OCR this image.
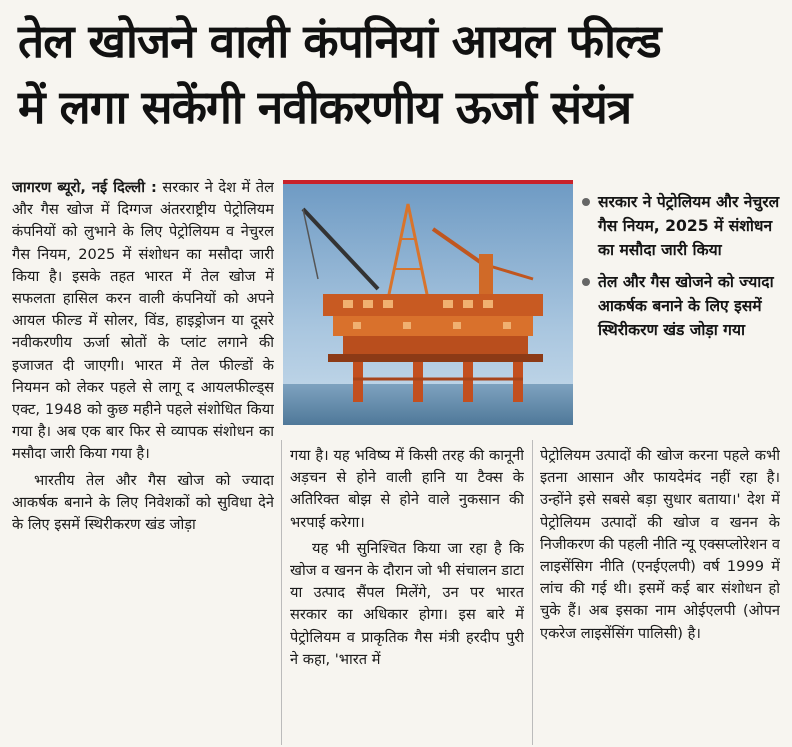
तेल खोजने वाली कंपनियां आयल फील्ड
में लगा सकेंगी नवीकरणीय ऊर्जा संयंत्र

जागरण ब्यूरो, नई दिल्ली : सरकार ने देश में तेल और गैस खोज में दिग्गज अंतरराष्ट्रीय पेट्रोलियम कंपनियों को लुभाने के लिए पेट्रोलियम व नेचुरल गैस नियम, 2025 में संशोधन का मसौदा जारी किया है। इसके तहत भारत में तेल खोज में सफलता हासिल करन वाली कंपनियों को अपने आयल फील्ड में सोलर, विंड, हाइड्रोजन या दूसरे नवीकरणीय ऊर्जा स्रोतों के प्लांट लगाने की इजाजत दी जाएगी। भारत में तेल फील्डों के नियमन को लेकर पहले से लागू द आयलफील्ड्स एक्ट, 1948 को कुछ महीने पहले संशोधित किया गया है। अब एक बार फिर से व्यापक संशोधन का मसौदा जारी किया गया है।

भारतीय तेल और गैस खोज को ज्यादा आकर्षक बनाने के लिए निवेशकों को सुविधा देने के लिए इसमें स्थिरीकरण खंड जोड़ा

सरकार ने पेट्रोलियम और नेचुरल गैस नियम, 2025 में संशोधन का मसौदा जारी किया
तेल और गैस खोजने को ज्यादा आकर्षक बनाने के लिए इसमें स्थिरीकरण खंड जोड़ा गया

गया है। यह भविष्य में किसी तरह की कानूनी अड़चन से होने वाली हानि या टैक्स के अतिरिक्त बोझ से होने वाले नुकसान की भरपाई करेगा।

यह भी सुनिश्चित किया जा रहा है कि खोज व खनन के दौरान जो भी संचालन डाटा या उत्पाद सैंपल मिलेंगे, उन पर भारत सरकार का अधिकार होगा। इस बारे में पेट्रोलियम व प्राकृतिक गैस मंत्री हरदीप पुरी ने कहा, 'भारत में

पेट्रोलियम उत्पादों की खोज करना पहले कभी इतना आसान और फायदेमंद नहीं रहा है। उन्होंने इसे सबसे बड़ा सुधार बताया।' देश में पेट्रोलियम उत्पादों की खोज व खनन के निजीकरण की पहली नीति न्यू एक्सप्लोरेशन व लाइसेंसिग नीति (एनईएलपी) वर्ष 1999 में लांच की गई थी। इसमें कई बार संशोधन हो चुके हैं। अब इसका नाम ओईएलपी (ओपन एकरेज लाइसेंसिंग पालिसी) है।
